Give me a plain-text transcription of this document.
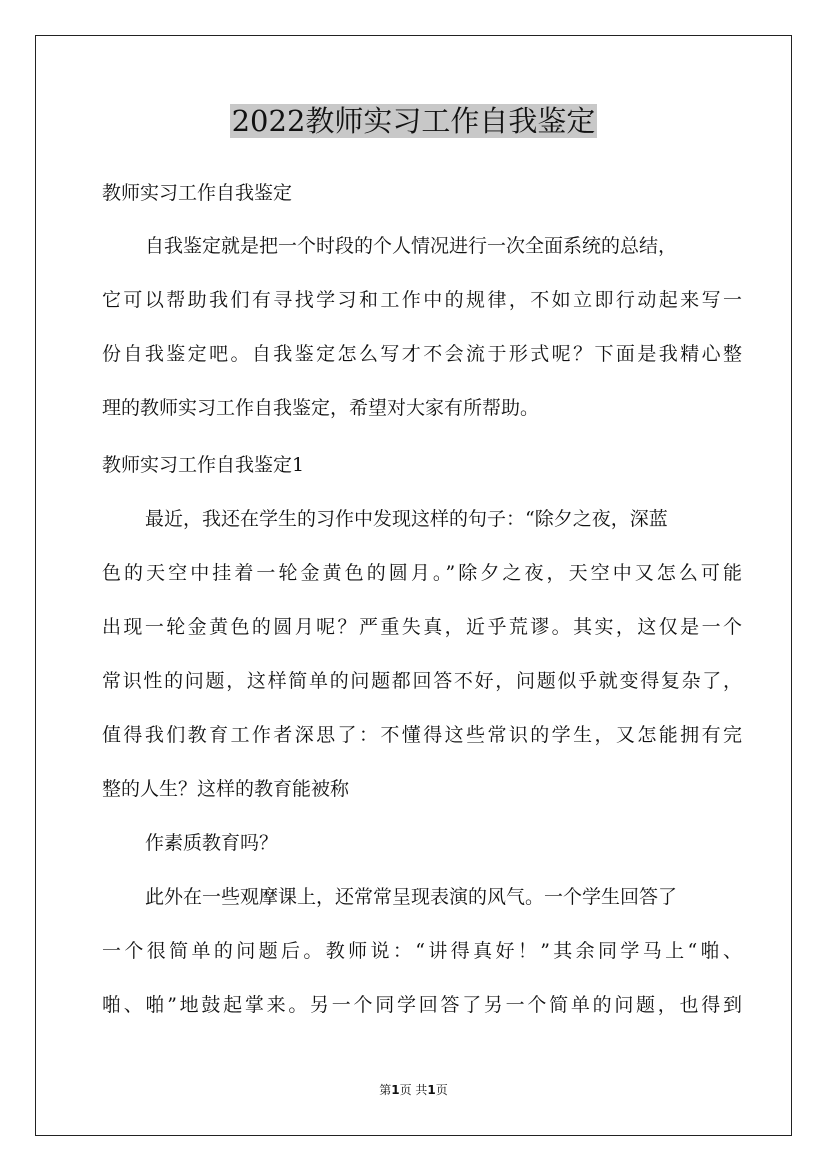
2022教师实习工作自我鉴定

教师实习工作自我鉴定

自我鉴定就是把一个时段的个人情况进行一次全面系统的总结，

它可以帮助我们有寻找学习和工作中的规律，不如立即行动起来写一

份自我鉴定吧。自我鉴定怎么写才不会流于形式呢？下面是我精心整

理的教师实习工作自我鉴定，希望对大家有所帮助。

教师实习工作自我鉴定1

最近，我还在学生的习作中发现这样的句子：“除夕之夜，深蓝

色的天空中挂着一轮金黄色的圆月。”除夕之夜，天空中又怎么可能

出现一轮金黄色的圆月呢？严重失真，近乎荒谬。其实，这仅是一个

常识性的问题，这样简单的问题都回答不好，问题似乎就变得复杂了，

值得我们教育工作者深思了：不懂得这些常识的学生，又怎能拥有完

整的人生？这样的教育能被称

作素质教育吗？

此外在一些观摩课上，还常常呈现表演的风气。一个学生回答了

一个很简单的问题后。教师说：“讲得真好！”其余同学马上“啪、

啪、啪”地鼓起掌来。另一个同学回答了另一个简单的问题，也得到

第1页 共1页
